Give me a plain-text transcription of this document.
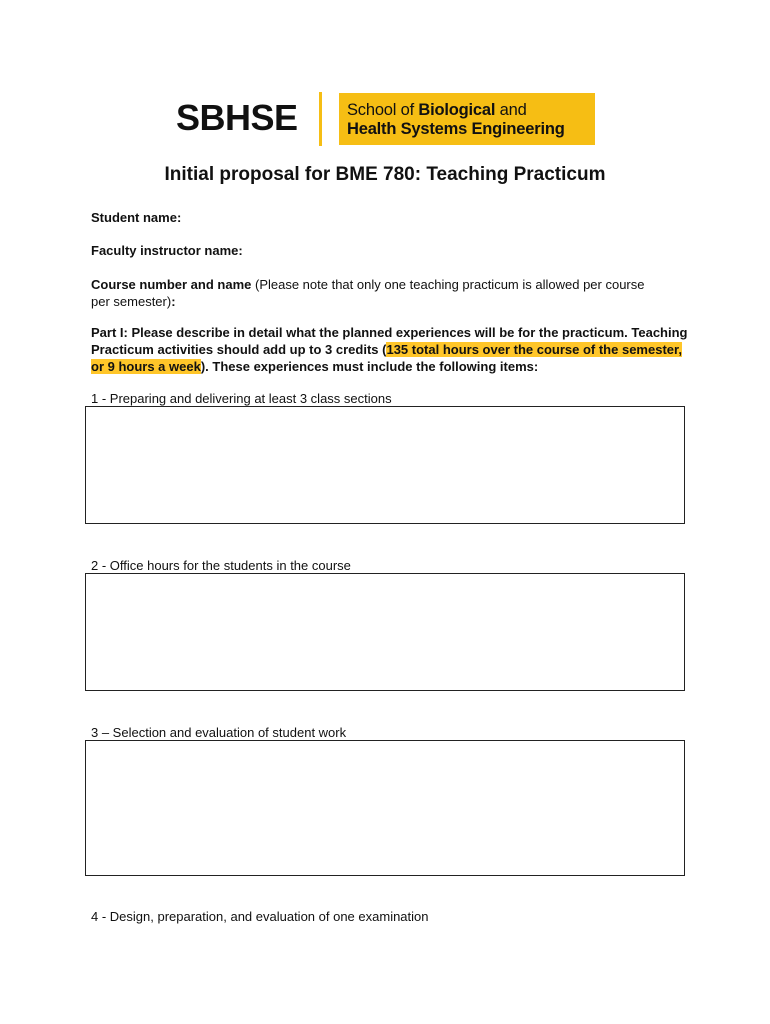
SBHSE	School of Biological and
Health Systems Engineering
Initial proposal for BME 780: Teaching Practicum
Student name:
Faculty instructor name:
Course number and name (Please note that only one teaching practicum is allowed per course per semester):
Part I: Please describe in detail what the planned experiences will be for the practicum. Teaching Practicum activities should add up to 3 credits (135 total hours over the course of the semester, or 9 hours a week). These experiences must include the following items:
1 - Preparing and delivering at least 3 class sections
2 - Office hours for the students in the course
3 – Selection and evaluation of student work
4 - Design, preparation, and evaluation of one examination
